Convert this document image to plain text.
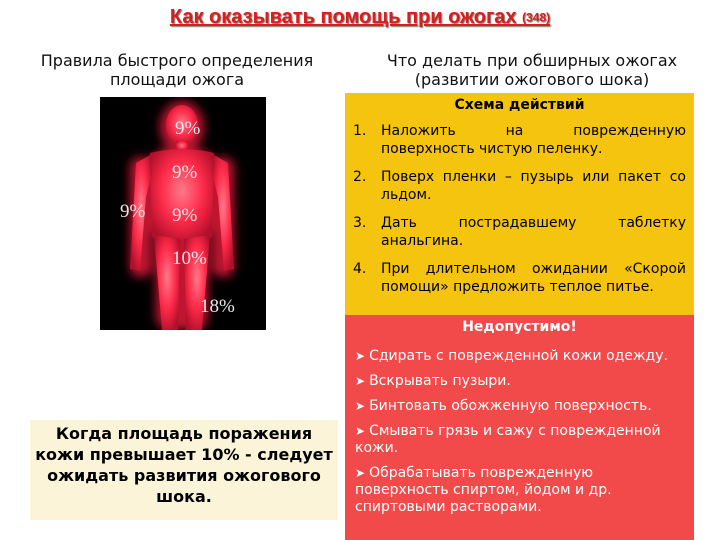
Как оказывать помощь при ожогах (348)
Правила быстрого определения площади ожога
Что делать при обширных ожогах (развитии ожогового шока)
9%
9%
9% 9%
10%
18%
Схема действий
1.	Наложить на поврежденную поверхность чистую пеленку.
2.	Поверх пленки – пузырь или пакет со льдом.
3.	Дать пострадавшему таблетку анальгина.
4.	При длительном ожидании «Скорой помощи» предложить теплое питье.
Недопустимо!
➤ Сдирать с поврежденной кожи одежду.
➤ Вскрывать пузыри.
➤ Бинтовать обожженную поверхность.
➤ Смывать грязь и сажу с поврежденной кожи.
➤ Обрабатывать поврежденную поверхность спиртом, йодом и др. спиртовыми растворами.
Когда площадь поражения кожи превышает 10% - следует ожидать развития ожогового шока.
